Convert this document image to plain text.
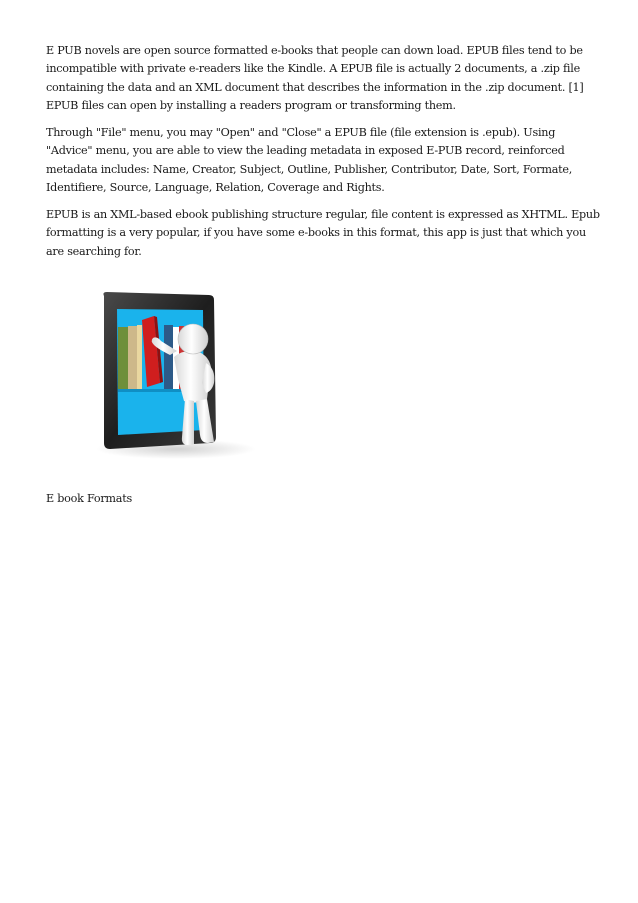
E PUB novels are open source formatted e-books that people can down load. EPUB files tend to be incompatible with private e-readers like the Kindle. A EPUB file is actually 2 documents, a .zip file containing the data and an XML document that describes the information in the .zip document. [1] EPUB files can open by installing a readers program or transforming them.

Through "File" menu, you may "Open" and "Close" a EPUB file (file extension is .epub). Using "Advice" menu, you are able to view the leading metadata in exposed E-PUB record, reinforced metadata includes: Name, Creator, Subject, Outline, Publisher, Contributor, Date, Sort, Formate, Identifiere, Source, Language, Relation, Coverage and Rights.

EPUB is an XML-based ebook publishing structure regular, file content is expressed as XHTML. Epub formatting is a very popular, if you have some e-books in this format, this app is just that which you are searching for.

E book Formats
